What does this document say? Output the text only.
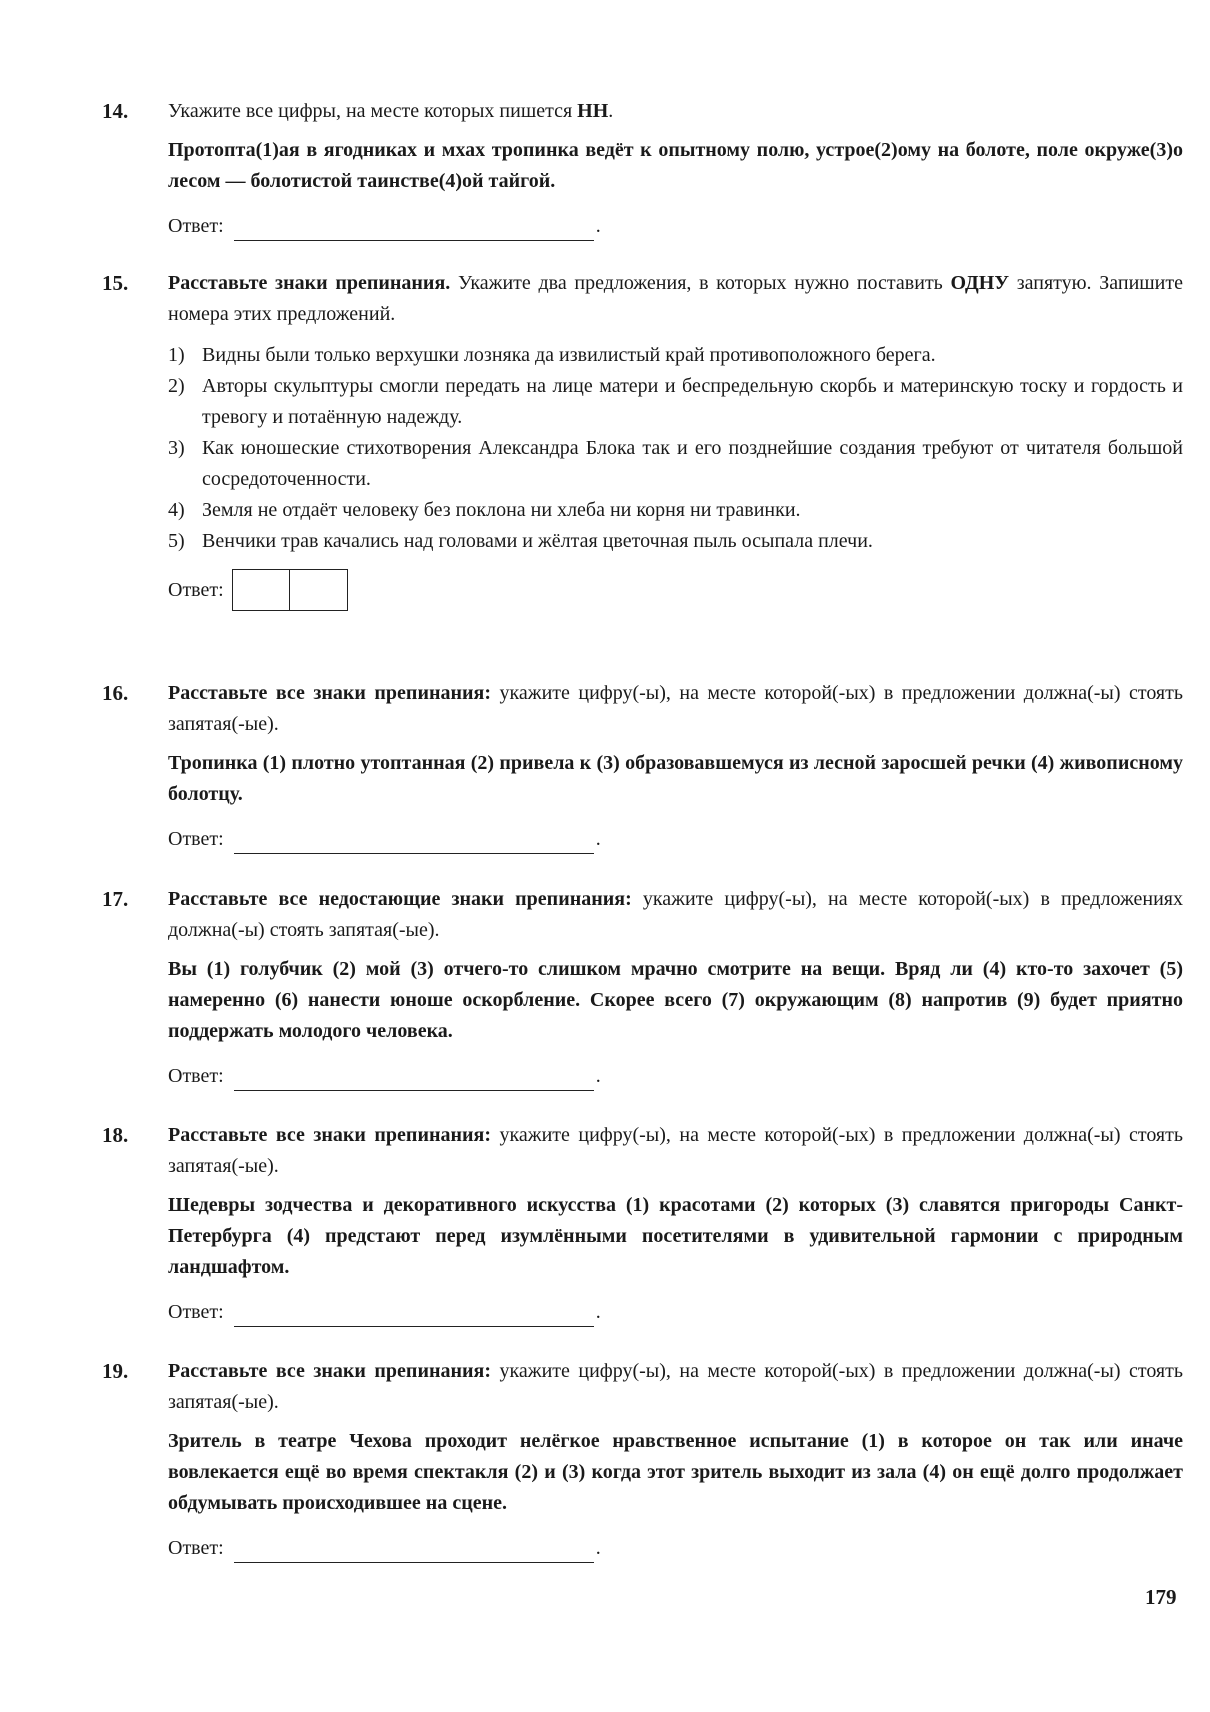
14. Укажите все цифры, на месте которых пишется НН.

Протопта(1)ая в ягодниках и мхах тропинка ведёт к опытному полю, устрое(2)ому на болоте, поле окруже(3)о лесом — болотистой таинстве(4)ой тайгой.

Ответ:	.
15. Расставьте знаки препинания. Укажите два предложения, в которых нужно поставить ОДНУ запятую. Запишите номера этих предложений.

1) Видны были только верхушки лозняка да извилистый край противоположного берега.
2) Авторы скульптуры смогли передать на лице матери и беспредельную скорбь и материнскую тоску и гордость и тревогу и потаённую надежду.
3) Как юношеские стихотворения Александра Блока так и его позднейшие создания требуют от читателя большой сосредоточенности.
4) Земля не отдаёт человеку без поклона ни хлеба ни корня ни травинки.
5) Венчики трав качались над головами и жёлтая цветочная пыль осыпала плечи.
Ответ:
16. Расставьте все знаки препинания: укажите цифру(-ы), на месте которой(-ых) в предложении должна(-ы) стоять запятая(-ые).

Тропинка (1) плотно утоптанная (2) привела к (3) образовавшемуся из лесной заросшей речки (4) живописному болотцу.

Ответ:	.
17. Расставьте все недостающие знаки препинания: укажите цифру(-ы), на месте которой(-ых) в предложениях должна(-ы) стоять запятая(-ые).

Вы (1) голубчик (2) мой (3) отчего-то слишком мрачно смотрите на вещи. Вряд ли (4) кто-то захочет (5) намеренно (6) нанести юноше оскорбление. Скорее всего (7) окружающим (8) напротив (9) будет приятно поддержать молодого человека.

Ответ:	.
18. Расставьте все знаки препинания: укажите цифру(-ы), на месте которой(-ых) в предложении должна(-ы) стоять запятая(-ые).

Шедевры зодчества и декоративного искусства (1) красотами (2) которых (3) славятся пригороды Санкт-Петербурга (4) предстают перед изумлёнными посетителями в удивительной гармонии с природным ландшафтом.

Ответ:	.
19. Расставьте все знаки препинания: укажите цифру(-ы), на месте которой(-ых) в предложении должна(-ы) стоять запятая(-ые).

Зритель в театре Чехова проходит нелёгкое нравственное испытание (1) в которое он так или иначе вовлекается ещё во время спектакля (2) и (3) когда этот зритель выходит из зала (4) он ещё долго продолжает обдумывать происходившее на сцене.

Ответ:	.
179
